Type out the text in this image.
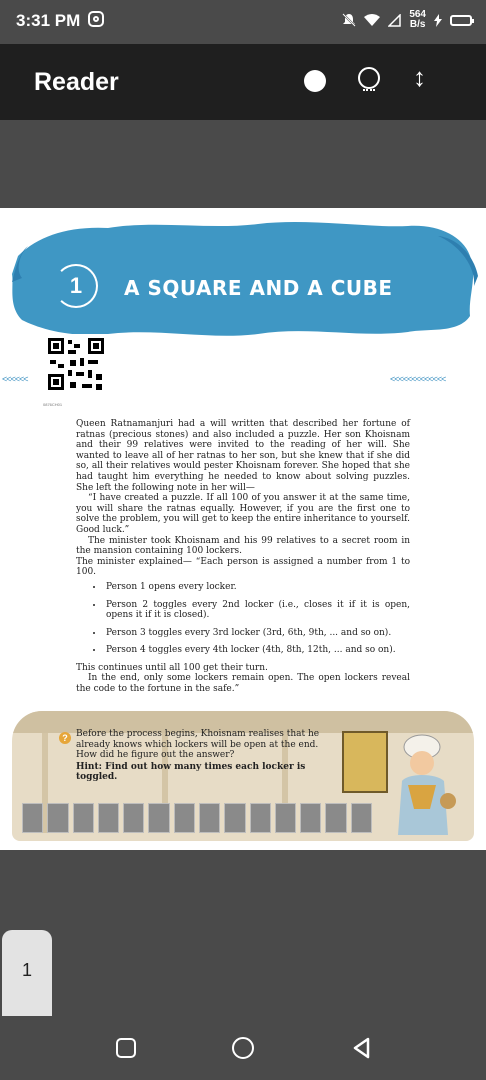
3:31 PM	564
B/s
Reader	↕
1	A SQUARE AND A CUBE
0876CH01
<<<<<<	<<<<<<<<<<<<<

Queen Ratnamanjuri had a will written that described her fortune of ratnas (precious stones) and also included a puzzle. Her son Khoisnam and their 99 relatives were invited to the reading of her will. She wanted to leave all of her ratnas to her son, but she knew that if she did so, all their relatives would pester Khoisnam forever. She hoped that she had taught him everything he needed to know about solving puzzles. She left the following note in her will—

“I have created a puzzle. If all 100 of you answer it at the same time, you will share the ratnas equally. However, if you are the first one to solve the problem, you will get to keep the entire inheritance to yourself. Good luck.”

The minister took Khoisnam and his 99 relatives to a secret room in the mansion containing 100 lockers.

The minister explained— “Each person is assigned a number from 1 to 100.

• Person 1 opens every locker.
• Person 2 toggles every 2nd locker (i.e., closes it if it is open, opens it if it is closed).
• Person 3 toggles every 3rd locker (3rd, 6th, 9th, ... and so on).
• Person 4 toggles every 4th locker (4th, 8th, 12th, ... and so on).

This continues until all 100 get their turn.

In the end, only some lockers remain open. The open lockers reveal the code to the fortune in the safe.”

? Before the process begins, Khoisnam realises that he already knows which lockers will be open at the end. How did he figure out the answer?

Hint: Find out how many times each locker is toggled.

1
